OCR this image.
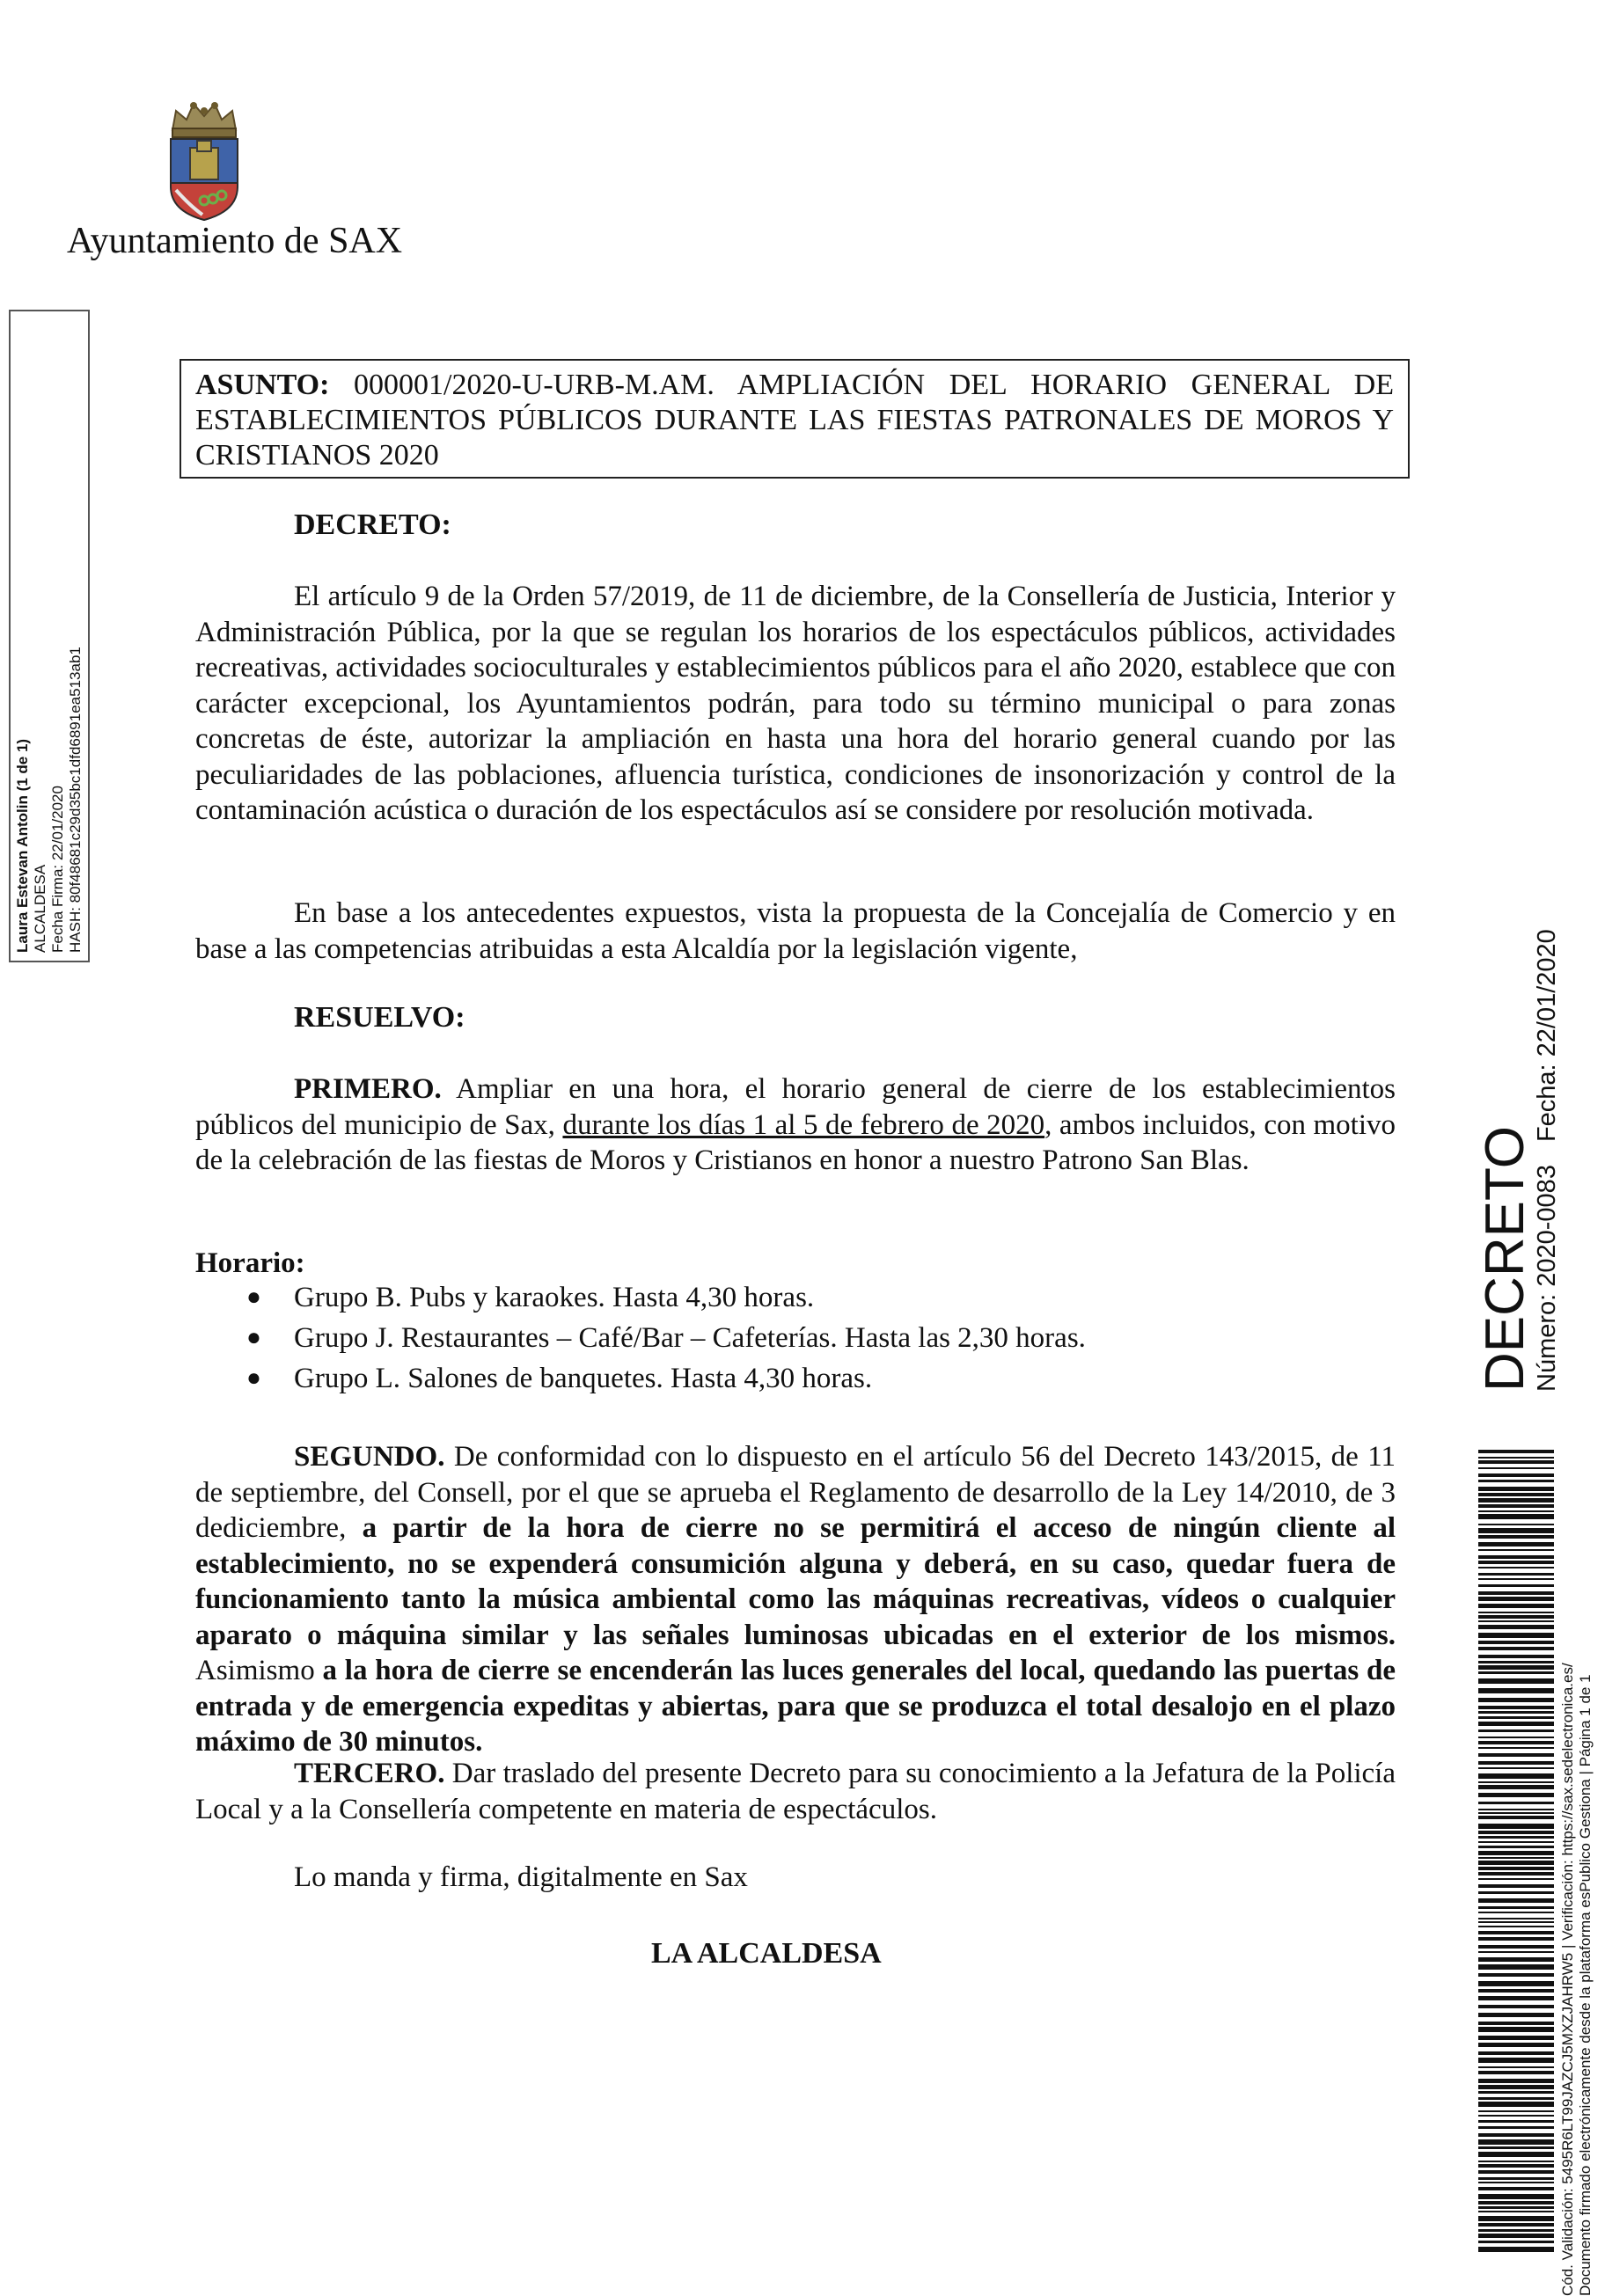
Ayuntamiento de SAX
Laura Estevan Antolin (1 de 1) ALCALDESA Fecha Firma: 22/01/2020 HASH: 80f48681c29d35bc1dfd6891ea513ab1
DECRETO
Número: 2020-0083Fecha: 22/01/2020
Cód. Validación: 5495R6LT99JAZCJ5MXZJAHRW5 | Verificación: https://sax.sedelectronica.es/ Documento firmado electrónicamente desde la plataforma esPublico Gestiona | Página 1 de 1
ASUNTO: 000001/2020-U-URB-M.AM. AMPLIACIÓN DEL HORARIO GENERAL DE ESTABLECIMIENTOS PÚBLICOS DURANTE LAS FIESTAS PATRONALES DE MOROS Y CRISTIANOS 2020
DECRETO:
El artículo 9 de la Orden 57/2019, de 11 de diciembre, de la Consellería de Justicia, Interior y Administración Pública, por la que se regulan los horarios de los espectáculos públicos, actividades recreativas, actividades socioculturales y establecimientos públicos para el año 2020, establece que con carácter excepcional, los Ayuntamientos podrán, para todo su término municipal o para zonas concretas de éste, autorizar la ampliación en hasta una hora del horario general cuando por las peculiaridades de las poblaciones, afluencia turística, condiciones de insonorización y control de la contaminación acústica o duración de los espectáculos así se considere por resolución motivada.
En base a los antecedentes expuestos, vista la propuesta de la Concejalía de Comercio y en base a las competencias atribuidas a esta Alcaldía por la legislación vigente,
RESUELVO:
PRIMERO. Ampliar en una hora, el horario general de cierre de los establecimientos públicos del municipio de Sax, durante los días 1 al 5 de febrero de 2020, ambos incluidos, con motivo de la celebración de las fiestas de Moros y Cristianos en honor a nuestro Patrono San Blas.
Horario:
● Grupo B. Pubs y karaokes. Hasta 4,30 horas.
● Grupo J. Restaurantes – Café/Bar – Cafeterías. Hasta las 2,30 horas.
● Grupo L. Salones de banquetes. Hasta 4,30 horas.
SEGUNDO. De conformidad con lo dispuesto en el artículo 56 del Decreto 143/2015, de 11 de septiembre, del Consell, por el que se aprueba el Reglamento de desarrollo de la Ley 14/2010, de 3 dediciembre, a partir de la hora de cierre no se permitirá el acceso de ningún cliente al establecimiento, no se expenderá consumición alguna y deberá, en su caso, quedar fuera de funcionamiento tanto la música ambiental como las máquinas recreativas, vídeos o cualquier aparato o máquina similar y las señales luminosas ubicadas en el exterior de los mismos. Asimismo a la hora de cierre se encenderán las luces generales del local, quedando las puertas de entrada y de emergencia expeditas y abiertas, para que se produzca el total desalojo en el plazo máximo de 30 minutos.
TERCERO. Dar traslado del presente Decreto para su conocimiento a la Jefatura de la Policía Local y a la Consellería competente en materia de espectáculos.
Lo manda y firma, digitalmente en Sax
LA ALCALDESA
